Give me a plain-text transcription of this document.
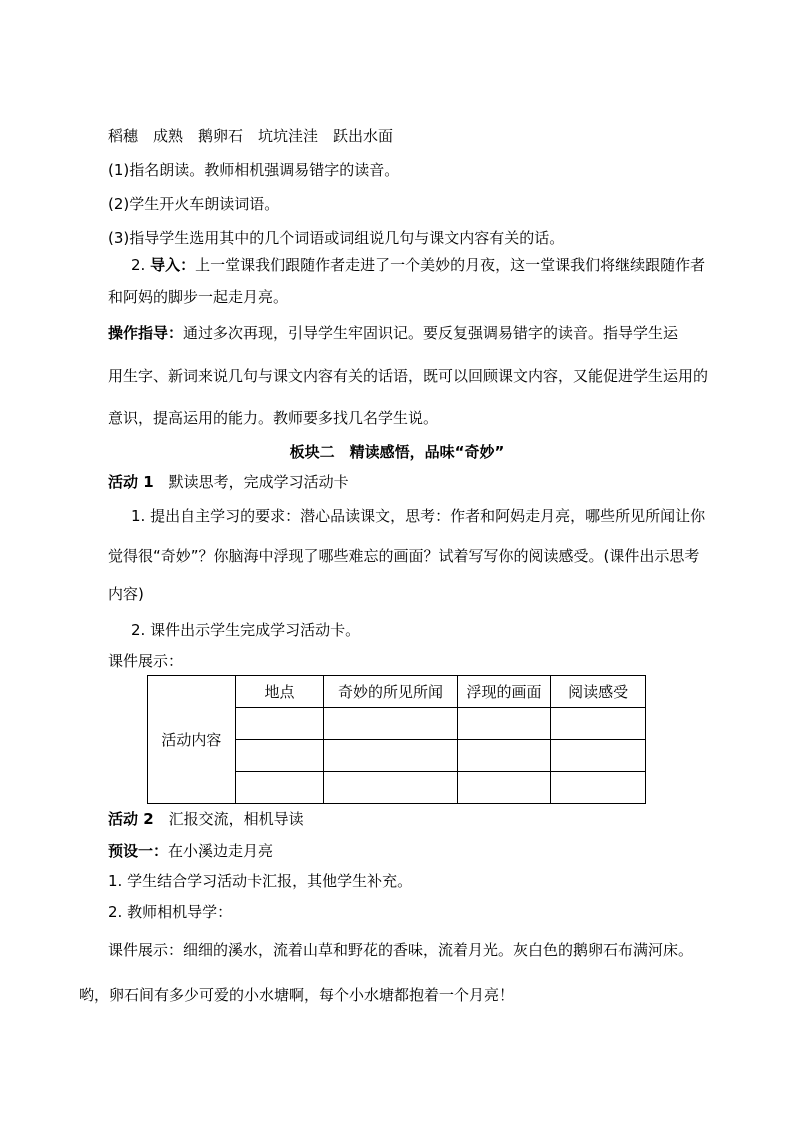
稻穗　成熟　鹅卵石　坑坑洼洼　跃出水面
(1)指名朗读。教师相机强调易错字的读音。
(2)学生开火车朗读词语。
(3)指导学生选用其中的几个词语或词组说几句与课文内容有关的话。
2. 导入：上一堂课我们跟随作者走进了一个美妙的月夜，这一堂课我们将继续跟随作者
和阿妈的脚步一起走月亮。
操作指导：通过多次再现，引导学生牢固识记。要反复强调易错字的读音。指导学生运
用生字、新词来说几句与课文内容有关的话语，既可以回顾课文内容，又能促进学生运用的
意识，提高运用的能力。教师要多找几名学生说。
板块二　精读感悟，品味“奇妙”
活动 1　默读思考，完成学习活动卡
1. 提出自主学习的要求：潜心品读课文，思考：作者和阿妈走月亮，哪些所见所闻让你
觉得很“奇妙”？你脑海中浮现了哪些难忘的画面？试着写写你的阅读感受。(课件出示思考
内容)
2. 课件出示学生完成学习活动卡。
课件展示：
活动内容	地点	奇妙的所见所闻	浮现的画面	阅读感受

活动 2　汇报交流，相机导读
预设一：在小溪边走月亮
1. 学生结合学习活动卡汇报，其他学生补充。
2. 教师相机导学：
课件展示：细细的溪水，流着山草和野花的香味，流着月光。灰白色的鹅卵石布满河床。
哟，卵石间有多少可爱的小水塘啊，每个小水塘都抱着一个月亮！
